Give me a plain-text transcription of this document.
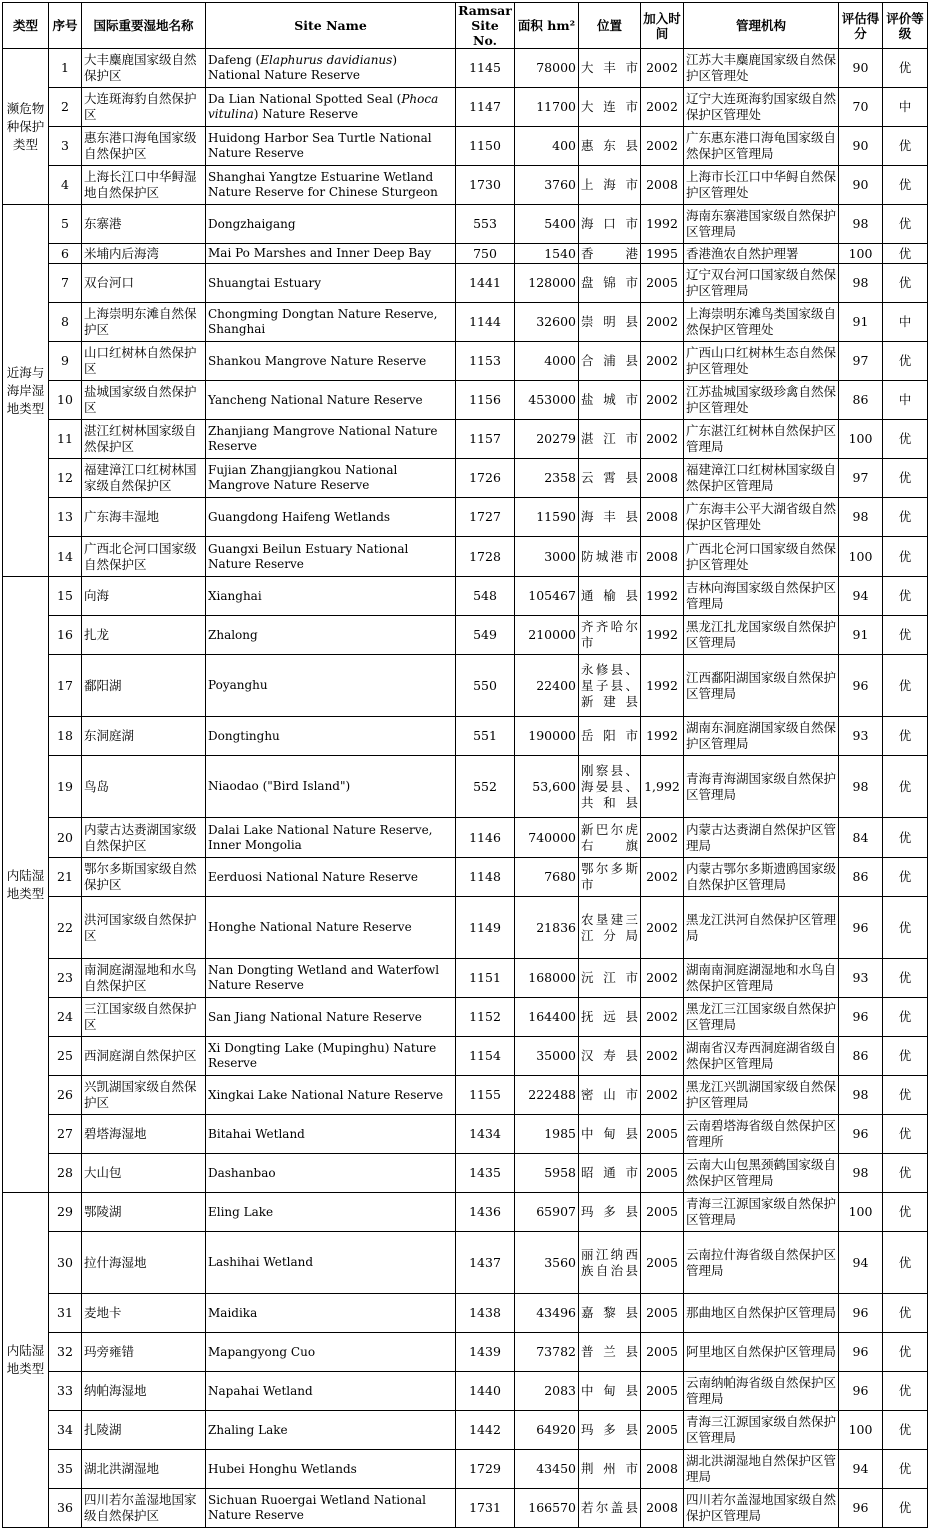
类型	序号	国际重要湿地名称	Site Name	Ramsar Site No.	面积 hm²	位置	加入时间	管理机构	评估得分	评价等级
濒危物种保护类型	1	大丰麋鹿国家级自然保护区	Dafeng (Elaphurus davidianus) National Nature Reserve	1145	78000	大丰市	2002	江苏大丰麋鹿国家级自然保护区管理处	90	优
	2	大连斑海豹自然保护区	Da Lian National Spotted Seal (Phoca vitulina) Nature Reserve	1147	11700	大连市	2002	辽宁大连斑海豹国家级自然保护区管理处	70	中
	3	惠东港口海龟国家级自然保护区	Huidong Harbor Sea Turtle National Nature Reserve	1150	400	惠东县	2002	广东惠东港口海龟国家级自然保护区管理局	90	优
	4	上海长江口中华鲟湿地自然保护区	Shanghai Yangtze Estuarine Wetland Nature Reserve for Chinese Sturgeon	1730	3760	上海市	2008	上海市长江口中华鲟自然保护区管理处	90	优
近海与海岸湿地类型	5	东寨港	Dongzhaigang	553	5400	海口市	1992	海南东寨港国家级自然保护区管理局	98	优
	6	米埔内后海湾	Mai Po Marshes and Inner Deep Bay	750	1540	香港	1995	香港渔农自然护理署	100	优
	7	双台河口	Shuangtai Estuary	1441	128000	盘锦市	2005	辽宁双台河口国家级自然保护区管理局	98	优
	8	上海崇明东滩自然保护区	Chongming Dongtan Nature Reserve, Shanghai	1144	32600	崇明县	2002	上海崇明东滩鸟类国家级自然保护区管理处	91	中
	9	山口红树林自然保护区	Shankou Mangrove Nature Reserve	1153	4000	合浦县	2002	广西山口红树林生态自然保护区管理处	97	优
	10	盐城国家级自然保护区	Yancheng National Nature Reserve	1156	453000	盐城市	2002	江苏盐城国家级珍禽自然保护区管理处	86	中
	11	湛江红树林国家级自然保护区	Zhanjiang Mangrove National Nature Reserve	1157	20279	湛江市	2002	广东湛江红树林自然保护区管理局	100	优
	12	福建漳江口红树林国家级自然保护区	Fujian Zhangjiangkou National Mangrove Nature Reserve	1726	2358	云霄县	2008	福建漳江口红树林国家级自然保护区管理局	97	优
	13	广东海丰湿地	Guangdong Haifeng Wetlands	1727	11590	海丰县	2008	广东海丰公平大湖省级自然保护区管理处	98	优
	14	广西北仑河口国家级自然保护区	Guangxi Beilun Estuary National Nature Reserve	1728	3000	防城港市	2008	广西北仑河口国家级自然保护区管理处	100	优
内陆湿地类型	15	向海	Xianghai	548	105467	通榆县	1992	吉林向海国家级自然保护区管理局	94	优
	16	扎龙	Zhalong	549	210000	齐齐哈尔市	1992	黑龙江扎龙国家级自然保护区管理局	91	优
	17	鄱阳湖	Poyanghu	550	22400	永修县、星子县、新建县	1992	江西鄱阳湖国家级自然保护区管理局	96	优
	18	东洞庭湖	Dongtinghu	551	190000	岳阳市	1992	湖南东洞庭湖国家级自然保护区管理局	93	优
	19	鸟岛	Niaodao ("Bird Island")	552	53,600	刚察县、海晏县、共和县	1,992	青海青海湖国家级自然保护区管理局	98	优
	20	内蒙古达赉湖国家级自然保护区	Dalai Lake National Nature Reserve, Inner Mongolia	1146	740000	新巴尔虎右旗	2002	内蒙古达赉湖自然保护区管理局	84	优
	21	鄂尔多斯国家级自然保护区	Eerduosi National Nature Reserve	1148	7680	鄂尔多斯市	2002	内蒙古鄂尔多斯遗鸥国家级自然保护区管理局	86	优
	22	洪河国家级自然保护区	Honghe National Nature Reserve	1149	21836	农垦建三江分局	2002	黑龙江洪河自然保护区管理局	96	优
	23	南洞庭湖湿地和水鸟自然保护区	Nan Dongting Wetland and Waterfowl Nature Reserve	1151	168000	沅江市	2002	湖南南洞庭湖湿地和水鸟自然保护区管理局	93	优
	24	三江国家级自然保护区	San Jiang National Nature Reserve	1152	164400	抚远县	2002	黑龙江三江国家级自然保护区管理局	96	优
	25	西洞庭湖自然保护区	Xi Dongting Lake (Mupinghu) Nature Reserve	1154	35000	汉寿县	2002	湖南省汉寿西洞庭湖省级自然保护区管理局	86	优
	26	兴凯湖国家级自然保护区	Xingkai Lake National Nature Reserve	1155	222488	密山市	2002	黑龙江兴凯湖国家级自然保护区管理局	98	优
	27	碧塔海湿地	Bitahai Wetland	1434	1985	中甸县	2005	云南碧塔海省级自然保护区管理所	96	优
	28	大山包	Dashanbao	1435	5958	昭通市	2005	云南大山包黑颈鹤国家级自然保护区管理局	98	优
内陆湿地类型	29	鄂陵湖	Eling Lake	1436	65907	玛多县	2005	青海三江源国家级自然保护区管理局	100	优
	30	拉什海湿地	Lashihai Wetland	1437	3560	丽江纳西族自治县	2005	云南拉什海省级自然保护区管理局	94	优
	31	麦地卡	Maidika	1438	43496	嘉黎县	2005	那曲地区自然保护区管理局	96	优
	32	玛旁雍错	Mapangyong Cuo	1439	73782	普兰县	2005	阿里地区自然保护区管理局	96	优
	33	纳帕海湿地	Napahai Wetland	1440	2083	中甸县	2005	云南纳帕海省级自然保护区管理局	96	优
	34	扎陵湖	Zhaling Lake	1442	64920	玛多县	2005	青海三江源国家级自然保护区管理局	100	优
	35	湖北洪湖湿地	Hubei Honghu Wetlands	1729	43450	荆州市	2008	湖北洪湖湿地自然保护区管理局	94	优
	36	四川若尔盖湿地国家级自然保护区	Sichuan Ruoergai Wetland National Nature Reserve	1731	166570	若尔盖县	2008	四川若尔盖湿地国家级自然保护区管理局	96	优
